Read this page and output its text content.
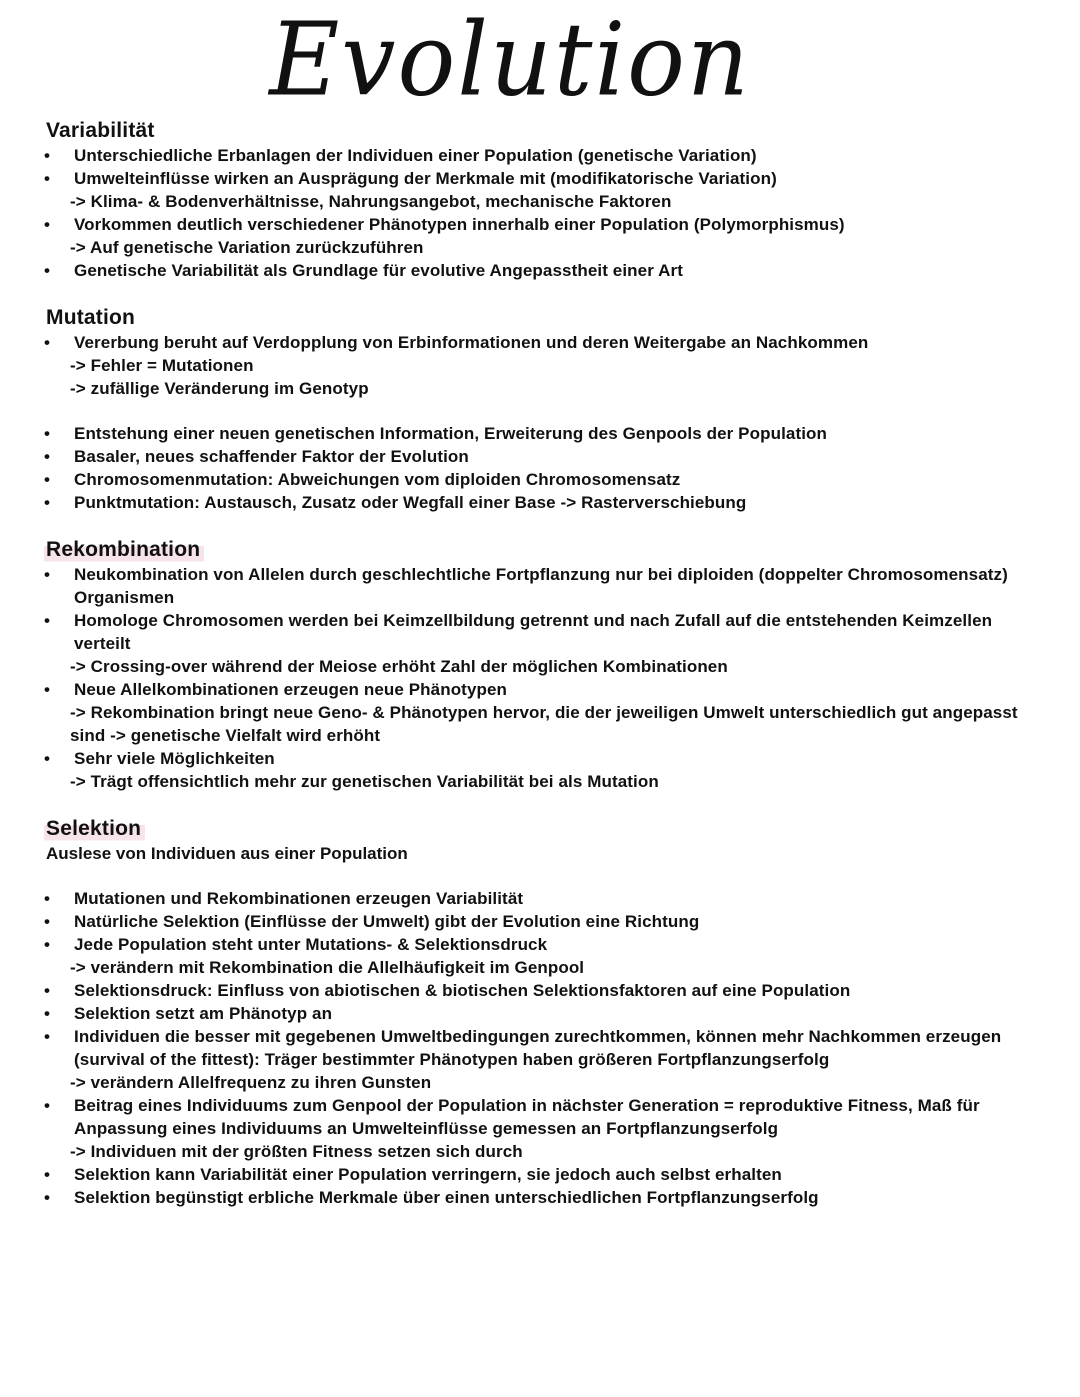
Evolution
Variabilität
• Unterschiedliche Erbanlagen der Individuen einer Population (genetische Variation)
• Umwelteinflüsse wirken an Ausprägung der Merkmale mit (modifikatorische Variation)
-> Klima- & Bodenverhältnisse, Nahrungsangebot, mechanische Faktoren
• Vorkommen deutlich verschiedener Phänotypen innerhalb einer Population (Polymorphismus)
-> Auf genetische Variation zurückzuführen
• Genetische Variabilität als Grundlage für evolutive Angepasstheit einer Art
Mutation
• Vererbung beruht auf Verdopplung von Erbinformationen und deren Weitergabe an Nachkommen
-> Fehler = Mutationen
-> zufällige Veränderung im Genotyp
• Entstehung einer neuen genetischen Information, Erweiterung des Genpools der Population
• Basaler, neues schaffender Faktor der Evolution
• Chromosomenmutation: Abweichungen vom diploiden Chromosomensatz
• Punktmutation: Austausch, Zusatz oder Wegfall einer Base -> Rasterverschiebung
Rekombination
• Neukombination von Allelen durch geschlechtliche Fortpflanzung nur bei diploiden (doppelter Chromosomensatz) Organismen
• Homologe Chromosomen werden bei Keimzellbildung getrennt und nach Zufall auf die entstehenden Keimzellen verteilt
-> Crossing-over während der Meiose erhöht Zahl der möglichen Kombinationen
• Neue Allelkombinationen erzeugen neue Phänotypen
-> Rekombination bringt neue Geno- & Phänotypen hervor, die der jeweiligen Umwelt unterschiedlich gut angepasst sind -> genetische Vielfalt wird erhöht
• Sehr viele Möglichkeiten
-> Trägt offensichtlich mehr zur genetischen Variabilität bei als Mutation
Selektion
Auslese von Individuen aus einer Population
• Mutationen und Rekombinationen erzeugen Variabilität
• Natürliche Selektion (Einflüsse der Umwelt) gibt der Evolution eine Richtung
• Jede Population steht unter Mutations- & Selektionsdruck
-> verändern mit Rekombination die Allelhäufigkeit im Genpool
• Selektionsdruck: Einfluss von abiotischen & biotischen Selektionsfaktoren auf eine Population
• Selektion setzt am Phänotyp an
• Individuen die besser mit gegebenen Umweltbedingungen zurechtkommen, können mehr Nachkommen erzeugen (survival of the fittest): Träger bestimmter Phänotypen haben größeren Fortpflanzungserfolg
-> verändern Allelfrequenz zu ihren Gunsten
• Beitrag eines Individuums zum Genpool der Population in nächster Generation = reproduktive Fitness, Maß für Anpassung eines Individuums an Umwelteinflüsse gemessen an Fortpflanzungserfolg
-> Individuen mit der größten Fitness setzen sich durch
• Selektion kann Variabilität einer Population verringern, sie jedoch auch selbst erhalten
• Selektion begünstigt erbliche Merkmale über einen unterschiedlichen Fortpflanzungserfolg
